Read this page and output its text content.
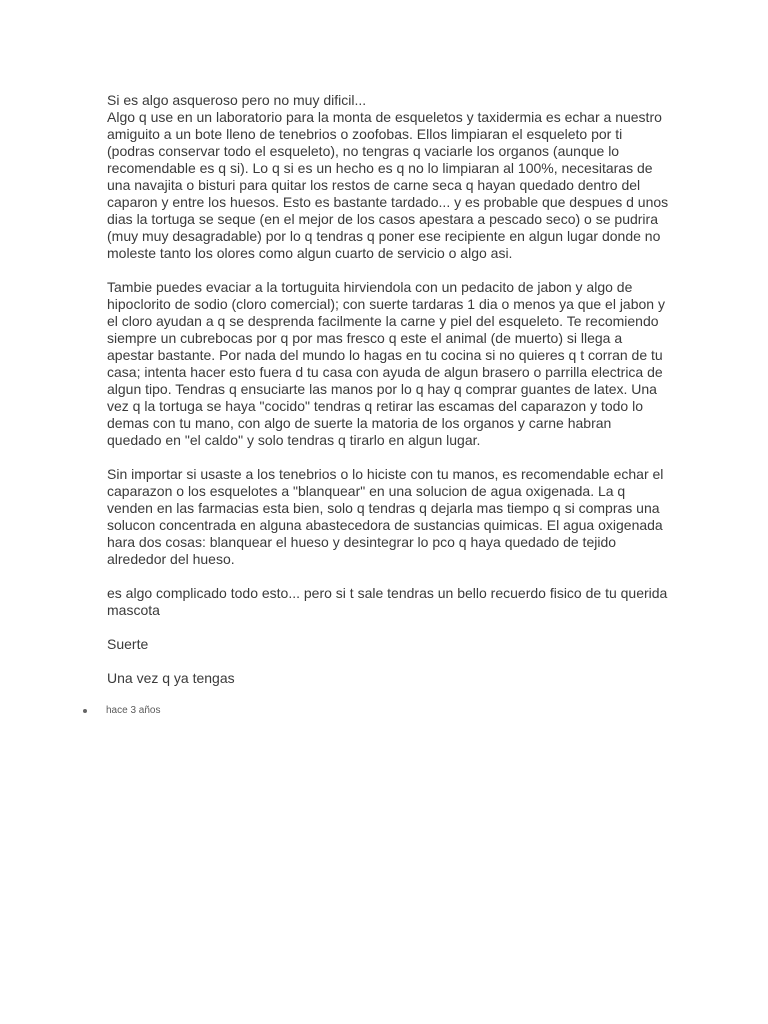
Si es algo asqueroso pero no muy dificil...
Algo q use en un laboratorio para la monta de esqueletos y taxidermia es echar a nuestro
amiguito a un bote lleno de tenebrios o zoofobas. Ellos limpiaran el esqueleto por ti
(podras conservar todo el esqueleto), no tengras q vaciarle los organos (aunque lo
recomendable es q si). Lo q si es un hecho es q no lo limpiaran al 100%, necesitaras de
una navajita o bisturi para quitar los restos de carne seca q hayan quedado dentro del
caparon y entre los huesos. Esto es bastante tardado... y es probable que despues d unos
dias la tortuga se seque (en el mejor de los casos apestara a pescado seco) o se pudrira
(muy muy desagradable) por lo q tendras q poner ese recipiente en algun lugar donde no
moleste tanto los olores como algun cuarto de servicio o algo asi.

Tambie puedes evaciar a la tortuguita hirviendola con un pedacito de jabon y algo de
hipoclorito de sodio (cloro comercial); con suerte tardaras 1 dia o menos ya que el jabon y
el cloro ayudan a q se desprenda facilmente la carne y piel del esqueleto. Te recomiendo
siempre un cubrebocas por q por mas fresco q este el animal (de muerto) si llega a
apestar bastante. Por nada del mundo lo hagas en tu cocina si no quieres q t corran de tu
casa; intenta hacer esto fuera d tu casa con ayuda de algun brasero o parrilla electrica de
algun tipo. Tendras q ensuciarte las manos por lo q hay q comprar guantes de latex. Una
vez q la tortuga se haya "cocido" tendras q retirar las escamas del caparazon y todo lo
demas con tu mano, con algo de suerte la matoria de los organos y carne habran
quedado en "el caldo" y solo tendras q tirarlo en algun lugar.

Sin importar si usaste a los tenebrios o lo hiciste con tu manos, es recomendable echar el
caparazon o los esquelotes a "blanquear" en una solucion de agua oxigenada. La q
venden en las farmacias esta bien, solo q tendras q dejarla mas tiempo q si compras una
solucon concentrada en alguna abastecedora de sustancias quimicas. El agua oxigenada
hara dos cosas: blanquear el hueso y desintegrar lo pco q haya quedado de tejido
alrededor del hueso.

es algo complicado todo esto... pero si t sale tendras un bello recuerdo fisico de tu querida
mascota

Suerte

Una vez q ya tengas

hace 3 años
